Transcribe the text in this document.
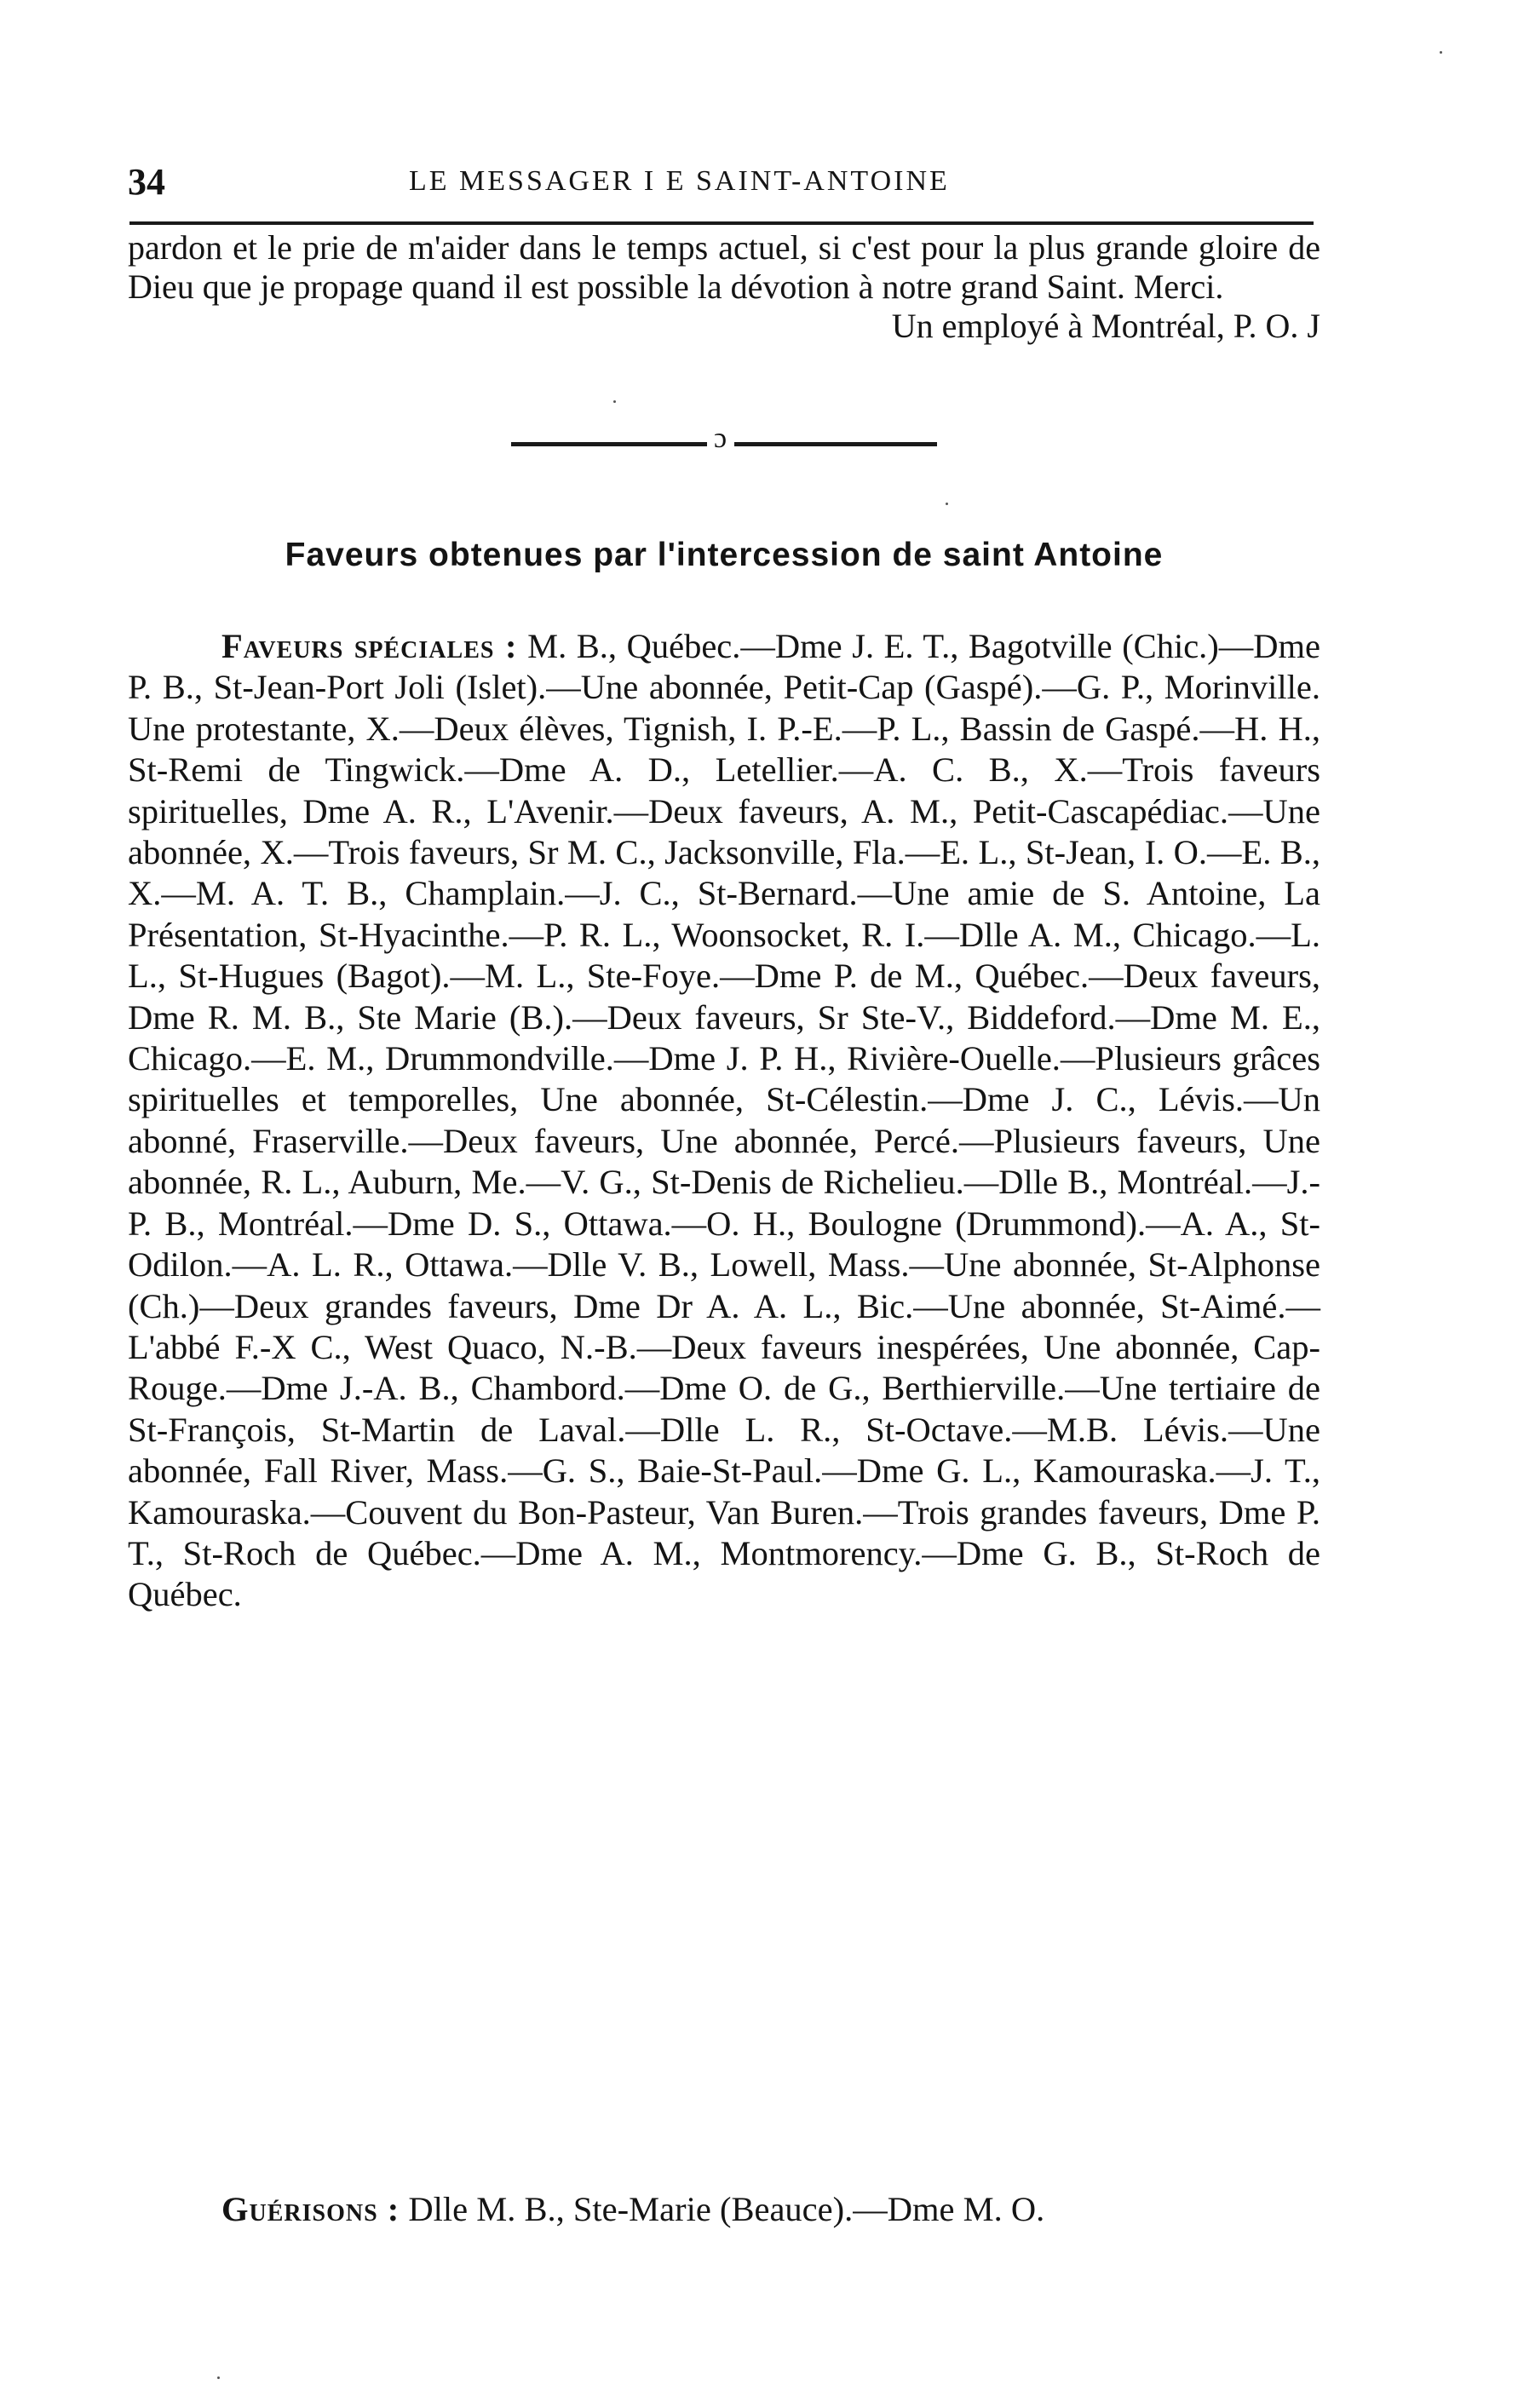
34	LE MESSAGER I E SAINT-ANTOINE
pardon et le prie de m'aider dans le temps actuel, si c'est pour la plus grande gloire de Dieu que je propage quand il est possible la dévotion à notre grand Saint. Merci.
Un employé à Montréal, P. O. J
ɔ
Faveurs obtenues par l'intercession de saint Antoine
Faveurs spéciales : M. B., Québec.—Dme J. E. T., Bagotville (Chic.)—Dme P. B., St-Jean-Port Joli (Islet).—Une abonnée, Petit-Cap (Gaspé).—G. P., Morinville. Une protestante, X.—Deux élèves, Tignish, I. P.-E.—P. L., Bassin de Gaspé.—H. H., St-Remi de Tingwick.—Dme A. D., Letellier.—A. C. B., X.—Trois faveurs spirituelles, Dme A. R., L'Avenir.—Deux faveurs, A. M., Petit-Cascapédiac.—Une abonnée, X.—Trois faveurs, Sr M. C., Jacksonville, Fla.—E. L., St-Jean, I. O.—E. B., X.—M. A. T. B., Champlain.—J. C., St-Bernard.—Une amie de S. Antoine, La Présentation, St-Hyacinthe.—P. R. L., Woonsocket, R. I.—Dlle A. M., Chicago.—L. L., St-Hugues (Bagot).—M. L., Ste-Foye.—Dme P. de M., Québec.—Deux faveurs, Dme R. M. B., Ste Marie (B.).—Deux faveurs, Sr Ste-V., Biddeford.—Dme M. E., Chicago.—E. M., Drummondville.—Dme J. P. H., Rivière-Ouelle.—Plusieurs grâces spirituelles et temporelles, Une abonnée, St-Célestin.—Dme J. C., Lévis.—Un abonné, Fraserville.—Deux faveurs, Une abonnée, Percé.—Plusieurs faveurs, Une abonnée, R. L., Auburn, Me.—V. G., St-Denis de Richelieu.—Dlle B., Montréal.—J.-P. B., Montréal.—Dme D. S., Ottawa.—O. H., Boulogne (Drummond).—A. A., St-Odilon.—A. L. R., Ottawa.—Dlle V. B., Lowell, Mass.—Une abonnée, St-Alphonse (Ch.)—Deux grandes faveurs, Dme Dr A. A. L., Bic.—Une abonnée, St-Aimé.—L'abbé F.-X C., West Quaco, N.-B.—Deux faveurs inespérées, Une abonnée, Cap-Rouge.—Dme J.-A. B., Chambord.—Dme O. de G., Berthierville.—Une tertiaire de St-François, St-Martin de Laval.—Dlle L. R., St-Octave.—M.B. Lévis.—Une abonnée, Fall River, Mass.—G. S., Baie-St-Paul.—Dme G. L., Kamouraska.—J. T., Kamouraska.—Couvent du Bon-Pasteur, Van Buren.—Trois grandes faveurs, Dme P. T., St-Roch de Québec.—Dme A. M., Montmorency.—Dme G. B., St-Roch de Québec.
Guérisons : Dlle M. B., Ste-Marie (Beauce).—Dme M. O.
